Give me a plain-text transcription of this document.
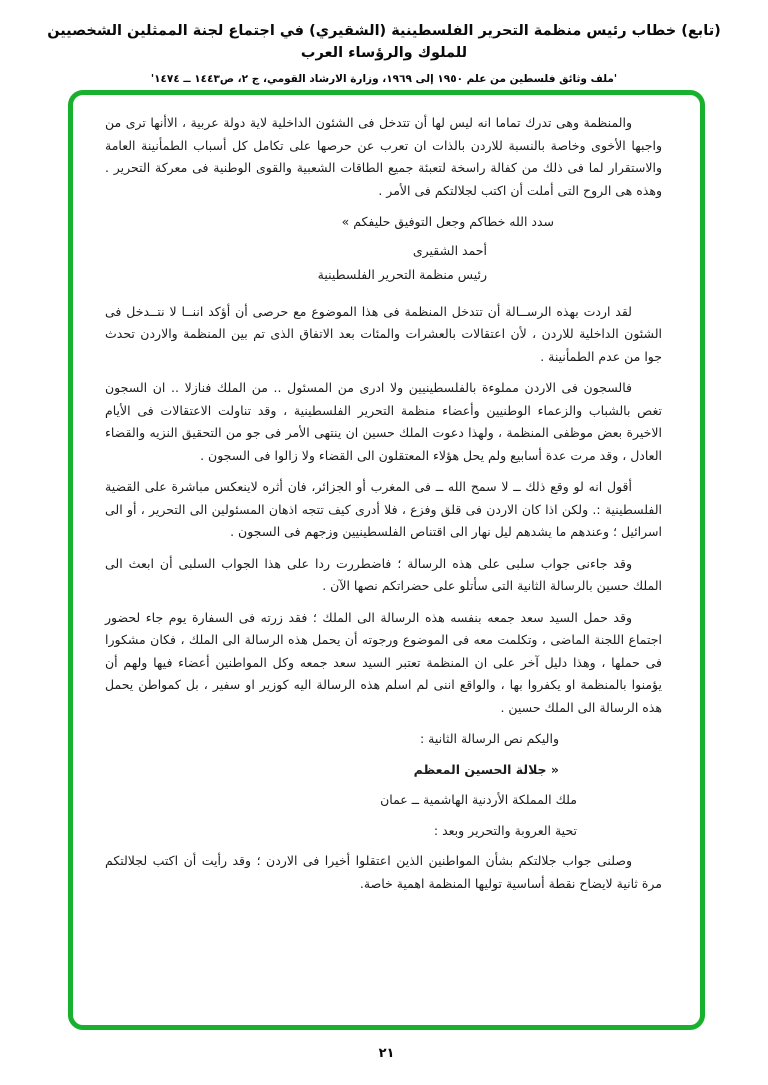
(تابع) خطاب رئيس منظمة التحرير الفلسطينية (الشقيري) في اجتماع لجنة الممثلين الشخصيين للملوك والرؤساء العرب
'ملف وثائق فلسطين من علم ١٩٥٠ إلى ١٩٦٩، وزارة الارشاد القومي، ج ٢، ص١٤٤٣ ــ ١٤٧٤'
والمنظمة وهى تدرك تماما انه ليس لها أن تتدخل فى الشئون الداخلية لاية دولة عربية ، الاأنها ترى من واجبها الأخوى وخاصة بالنسبة للاردن بالذات ان تعرب عن حرصها على تكامل كل أسباب الطمأنينة العامة والاستقرار لما فى ذلك من كفالة راسخة لتعبئة جميع الطاقات الشعبية والقوى الوطنية فى معركة التحرير . وهذه هى الروح التى أملت أن اكتب لجلالتكم فى الأمر .
سدد الله خطاكم وجعل التوفيق حليفكم »
أحمد الشقيرى
رئيس منظمة التحرير الفلسطينية
لقد اردت بهذه الرســالة أن تتدخل المنظمة فى هذا الموضوع مع حرصى أن أؤكد اننــا لا نتــدخل فى الشئون الداخلية للاردن ، لأن اعتقالات بالعشرات والمئات بعد الاتفاق الذى تم بين المنظمة والاردن تحدث جوا من عدم الطمأنينة .
فالسجون فى الاردن مملوءة بالفلسطينيين ولا ادرى من المسئول .. من الملك فنازلا .. ان السجون تغص بالشباب والزعماء الوطنيين وأعضاء منظمة التحرير الفلسطينية ، وقد تناولت الاعتقالات فى الأيام الاخيرة بعض موظفى المنظمة ، ولهذا دعوت الملك حسين ان ينتهى الأمر فى جو من التحقيق النزيه والقضاء العادل ، وقد مرت عدة أسابيع ولم يحل هؤلاء المعتقلون الى القضاء ولا زالوا فى السجون .
أقول انه لو وقع ذلك ــ لا سمح الله ــ فى المغرب أو الجزائر، فان أثره لاينعكس مباشرة على القضية الفلسطينية :. ولكن اذا كان الاردن فى قلق وفزع ، فلا أدرى كيف تتجه اذهان المسئولين الى التحرير ، أو الى اسرائيل ؛ وعندهم ما يشدهم ليل نهار الى اقتناص الفلسطينيين وزجهم فى السجون .
وقد جاءنى جواب سلبى على هذه الرسالة ؛ فاضطررت ردا على هذا الجواب السلبى أن ابعث الى الملك حسين بالرسالة الثانية التى سأتلو على حضراتكم نصها الآن .
وقد حمل السيد سعد جمعه بنفسه هذه الرسالة الى الملك ؛ فقد زرته فى السفارة يوم جاء لحضور اجتماع اللجنة الماضى ، وتكلمت معه فى الموضوع ورجوته أن يحمل هذه الرسالة الى الملك ، فكان مشكورا فى حملها ، وهذا دليل آخر على ان المنظمة تعتبر السيد سعد جمعه وكل المواطنين أعضاء فيها ولهم أن يؤمنوا بالمنظمة او يكفروا بها ، والواقع اننى لم اسلم هذه الرسالة اليه كوزير او سفير ، بل كمواطن يحمل هذه الرسالة الى الملك حسين .
واليكم نص الرسالة الثانية :
« جلالة الحسين المعظم
ملك المملكة الأردنية الهاشمية ــ عمان
تحية العروبة والتحرير وبعد :
وصلنى جواب جلالتكم بشأن المواطنين الذين اعتقلوا أخيرا فى الاردن ؛ وقد رأيت أن اكتب لجلالتكم مرة ثانية لايضاح نقطة أساسية توليها المنظمة اهمية خاصة.
٢١
